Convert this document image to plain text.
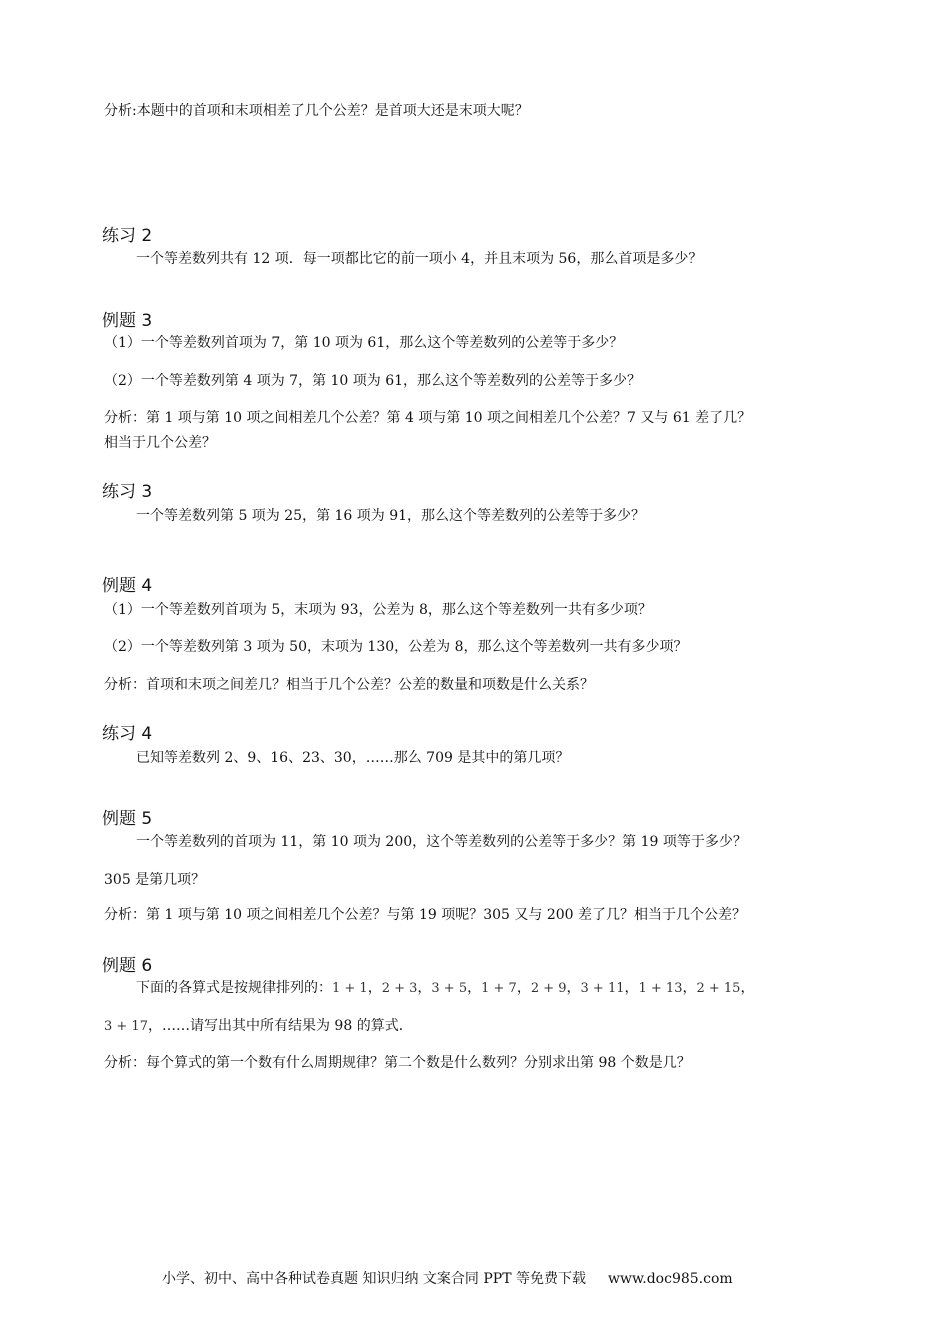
分析:本题中的首项和末项相差了几个公差？是首项大还是末项大呢？
练习 2
一个等差数列共有 12 项．每一项都比它的前一项小 4，并且末项为 56，那么首项是多少？
例题 3
（1）一个等差数列首项为 7，第 10 项为 61，那么这个等差数列的公差等于多少？
（2）一个等差数列第 4 项为 7，第 10 项为 61，那么这个等差数列的公差等于多少？
分析：第 1 项与第 10 项之间相差几个公差？第 4 项与第 10 项之间相差几个公差？7 又与 61 差了几？
相当于几个公差？
练习 3
一个等差数列第 5 项为 25，第 16 项为 91，那么这个等差数列的公差等于多少？
例题 4
（1）一个等差数列首项为 5，末项为 93，公差为 8，那么这个等差数列一共有多少项？
（2）一个等差数列第 3 项为 50，末项为 130，公差为 8，那么这个等差数列一共有多少项？
分析：首项和末项之间差几？相当于几个公差？公差的数量和项数是什么关系？
练习 4
已知等差数列 2、9、16、23、30，……那么 709 是其中的第几项？
例题 5
一个等差数列的首项为 11，第 10 项为 200，这个等差数列的公差等于多少？第 19 项等于多少？
305 是第几项？
分析：第 1 项与第 10 项之间相差几个公差？与第 19 项呢？305 又与 200 差了几？相当于几个公差？
例题 6
下面的各算式是按规律排列的：1 + 1，2 + 3，3 + 5，1 + 7，2 + 9，3 + 11，1 + 13，2 + 15，
3 + 17，……请写出其中所有结果为 98 的算式．
分析：每个算式的第一个数有什么周期规律？第二个数是什么数列？分别求出第 98 个数是几？
小学、初中、高中各种试卷真题 知识归纳 文案合同 PPT 等免费下载 www.doc985.com
